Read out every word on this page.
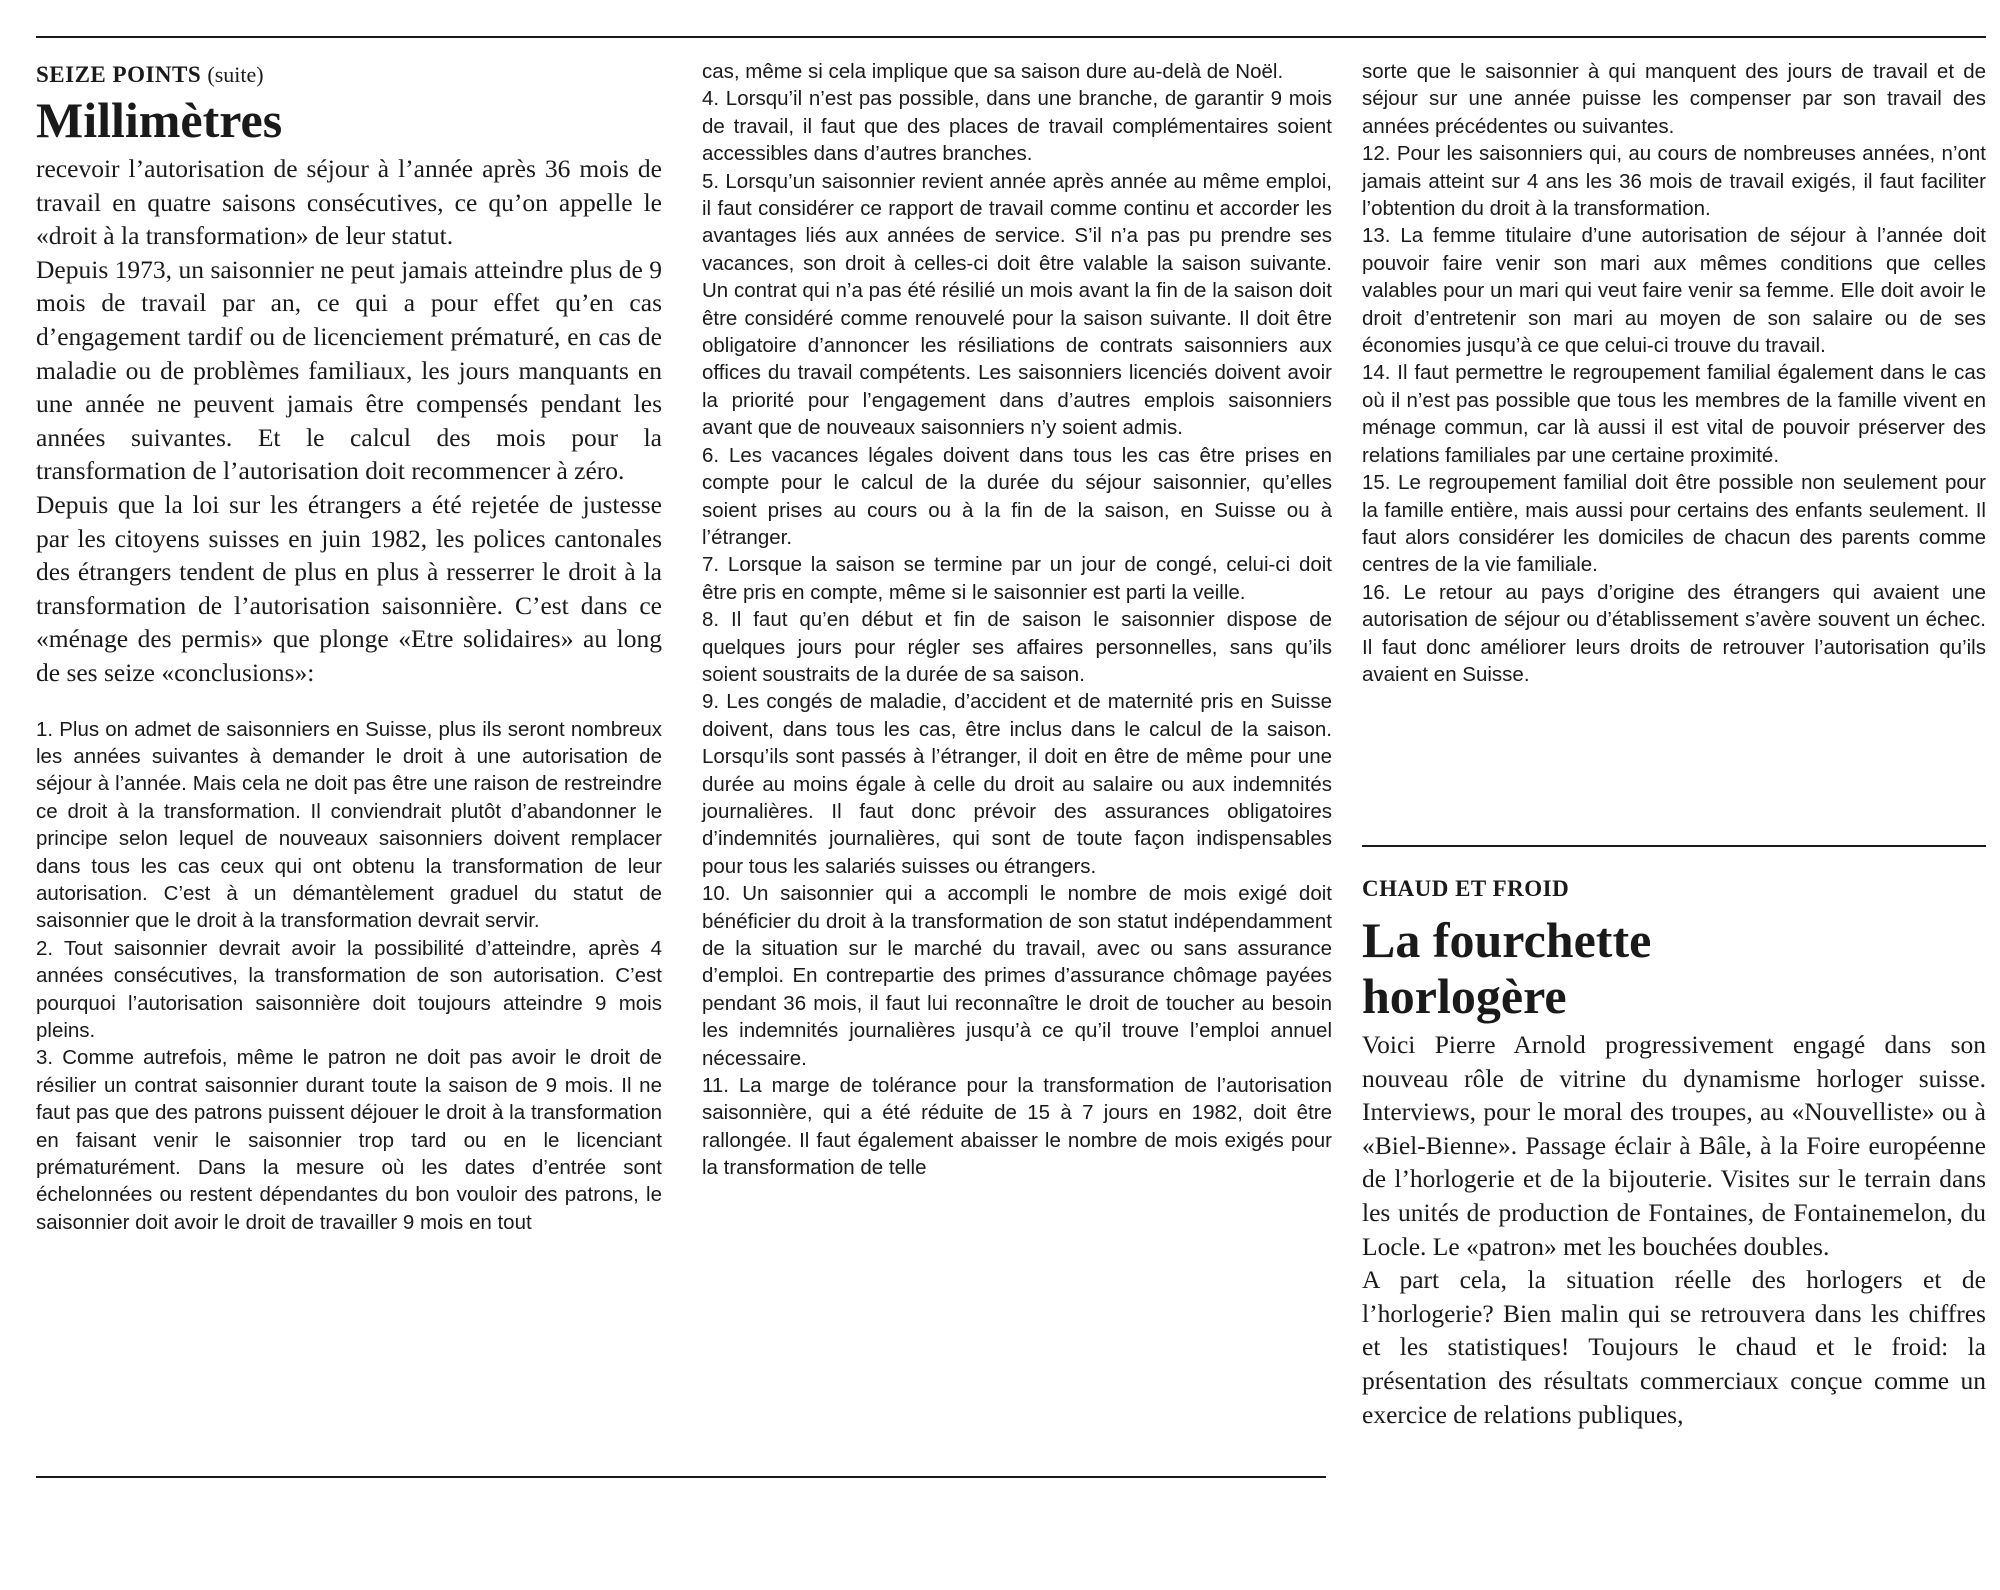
SEIZE POINTS (suite)

Millimètres

recevoir l’autorisation de séjour à l’année après 36 mois de travail en quatre saisons consécutives, ce qu’on appelle le «droit à la transformation» de leur statut.

Depuis 1973, un saisonnier ne peut jamais atteindre plus de 9 mois de travail par an, ce qui a pour effet qu’en cas d’engagement tardif ou de licenciement prématuré, en cas de maladie ou de problèmes familiaux, les jours manquants en une année ne peuvent jamais être compensés pendant les années suivantes. Et le calcul des mois pour la transformation de l’autorisation doit recommencer à zéro.

Depuis que la loi sur les étrangers a été rejetée de justesse par les citoyens suisses en juin 1982, les polices cantonales des étrangers tendent de plus en plus à resserrer le droit à la transformation de l’autorisation saisonnière. C’est dans ce «ménage des permis» que plonge «Etre solidaires» au long de ses seize «conclusions»:

1. Plus on admet de saisonniers en Suisse, plus ils seront nombreux les années suivantes à demander le droit à une autorisation de séjour à l’année. Mais cela ne doit pas être une raison de restreindre ce droit à la transformation. Il conviendrait plutôt d’abandonner le principe selon lequel de nouveaux saisonniers doivent remplacer dans tous les cas ceux qui ont obtenu la transformation de leur autorisation. C’est à un démantèlement graduel du statut de saisonnier que le droit à la transformation devrait servir.

2. Tout saisonnier devrait avoir la possibilité d’atteindre, après 4 années consécutives, la transformation de son autorisation. C’est pourquoi l’autorisation saisonnière doit toujours atteindre 9 mois pleins.

3. Comme autrefois, même le patron ne doit pas avoir le droit de résilier un contrat saisonnier durant toute la saison de 9 mois. Il ne faut pas que des patrons puissent déjouer le droit à la transformation en faisant venir le saisonnier trop tard ou en le licenciant prématurément. Dans la mesure où les dates d’entrée sont échelonnées ou restent dépendantes du bon vouloir des patrons, le saisonnier doit avoir le droit de travailler 9 mois en tout

cas, même si cela implique que sa saison dure au-delà de Noël.

4. Lorsqu’il n’est pas possible, dans une branche, de garantir 9 mois de travail, il faut que des places de travail complémentaires soient accessibles dans d’autres branches.

5. Lorsqu’un saisonnier revient année après année au même emploi, il faut considérer ce rapport de travail comme continu et accorder les avantages liés aux années de service. S’il n’a pas pu prendre ses vacances, son droit à celles-ci doit être valable la saison suivante. Un contrat qui n’a pas été résilié un mois avant la fin de la saison doit être considéré comme renouvelé pour la saison suivante. Il doit être obligatoire d’annoncer les résiliations de contrats saisonniers aux offices du travail compétents. Les saisonniers licenciés doivent avoir la priorité pour l’engagement dans d’autres emplois saisonniers avant que de nouveaux saisonniers n’y soient admis.

6. Les vacances légales doivent dans tous les cas être prises en compte pour le calcul de la durée du séjour saisonnier, qu’elles soient prises au cours ou à la fin de la saison, en Suisse ou à l’étranger.

7. Lorsque la saison se termine par un jour de congé, celui-ci doit être pris en compte, même si le saisonnier est parti la veille.

8. Il faut qu’en début et fin de saison le saisonnier dispose de quelques jours pour régler ses affaires personnelles, sans qu’ils soient soustraits de la durée de sa saison.

9. Les congés de maladie, d’accident et de maternité pris en Suisse doivent, dans tous les cas, être inclus dans le calcul de la saison. Lorsqu’ils sont passés à l’étranger, il doit en être de même pour une durée au moins égale à celle du droit au salaire ou aux indemnités journalières. Il faut donc prévoir des assurances obligatoires d’indemnités journalières, qui sont de toute façon indispensables pour tous les salariés suisses ou étrangers.

10. Un saisonnier qui a accompli le nombre de mois exigé doit bénéficier du droit à la transformation de son statut indépendamment de la situation sur le marché du travail, avec ou sans assurance d’emploi. En contrepartie des primes d’assurance chômage payées pendant 36 mois, il faut lui reconnaître le droit de toucher au besoin les indemnités journalières jusqu’à ce qu’il trouve l’emploi annuel nécessaire.

11. La marge de tolérance pour la transformation de l’autorisation saisonnière, qui a été réduite de 15 à 7 jours en 1982, doit être rallongée. Il faut également abaisser le nombre de mois exigés pour la transformation de telle

sorte que le saisonnier à qui manquent des jours de travail et de séjour sur une année puisse les compenser par son travail des années précédentes ou suivantes.

12. Pour les saisonniers qui, au cours de nombreuses années, n’ont jamais atteint sur 4 ans les 36 mois de travail exigés, il faut faciliter l’obtention du droit à la transformation.

13. La femme titulaire d’une autorisation de séjour à l’année doit pouvoir faire venir son mari aux mêmes conditions que celles valables pour un mari qui veut faire venir sa femme. Elle doit avoir le droit d’entretenir son mari au moyen de son salaire ou de ses économies jusqu’à ce que celui-ci trouve du travail.

14. Il faut permettre le regroupement familial également dans le cas où il n’est pas possible que tous les membres de la famille vivent en ménage commun, car là aussi il est vital de pouvoir préserver des relations familiales par une certaine proximité.

15. Le regroupement familial doit être possible non seulement pour la famille entière, mais aussi pour certains des enfants seulement. Il faut alors considérer les domiciles de chacun des parents comme centres de la vie familiale.

16. Le retour au pays d’origine des étrangers qui avaient une autorisation de séjour ou d’établissement s’avère souvent un échec. Il faut donc améliorer leurs droits de retrouver l’autorisation qu’ils avaient en Suisse.

CHAUD ET FROID

La fourchette
horlogère

Voici Pierre Arnold progressivement engagé dans son nouveau rôle de vitrine du dynamisme horloger suisse. Interviews, pour le moral des troupes, au «Nouvelliste» ou à «Biel-Bienne». Passage éclair à Bâle, à la Foire européenne de l’horlogerie et de la bijouterie. Visites sur le terrain dans les unités de production de Fontaines, de Fontainemelon, du Locle. Le «patron» met les bouchées doubles.

A part cela, la situation réelle des horlogers et de l’horlogerie? Bien malin qui se retrouvera dans les chiffres et les statistiques! Toujours le chaud et le froid: la présentation des résultats commerciaux conçue comme un exercice de relations publiques,
